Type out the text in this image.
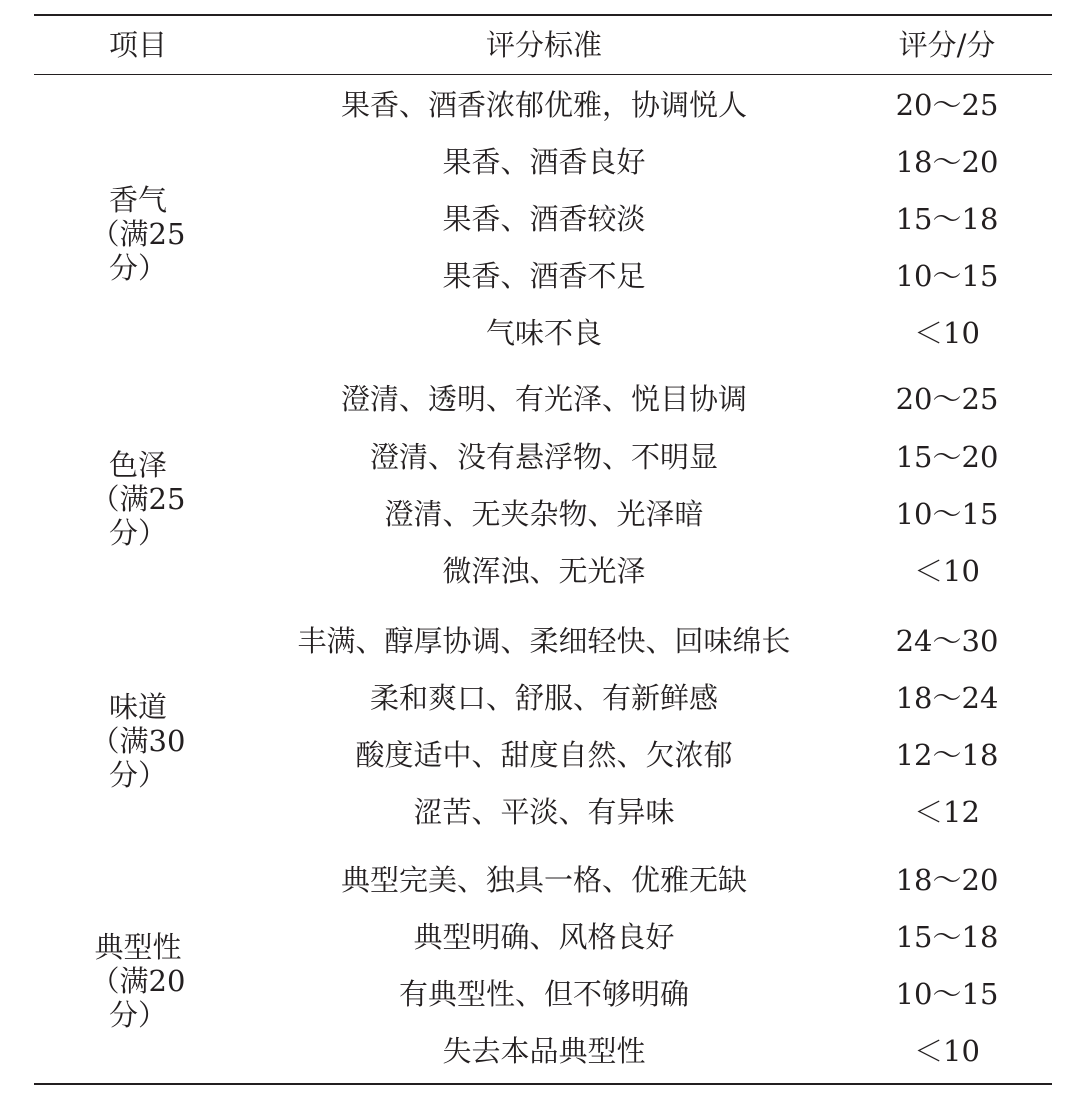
项目	评分标准	评分/分
香气
（满25分）
果香、酒香浓郁优雅，协调悦人	20～25
果香、酒香良好	18～20
果香、酒香较淡	15～18
果香、酒香不足	10～15
气味不良	＜10
色泽
（满25分）
澄清、透明、有光泽、悦目协调	20～25
澄清、没有悬浮物、不明显	15～20
澄清、无夹杂物、光泽暗	10～15
微浑浊、无光泽	＜10
味道
（满30分）
丰满、醇厚协调、柔细轻快、回味绵长	24～30
柔和爽口、舒服、有新鲜感	18～24
酸度适中、甜度自然、欠浓郁	12～18
涩苦、平淡、有异味	＜12
典型性
（满20分）
典型完美、独具一格、优雅无缺	18～20
典型明确、风格良好	15～18
有典型性、但不够明确	10～15
失去本品典型性	＜10
